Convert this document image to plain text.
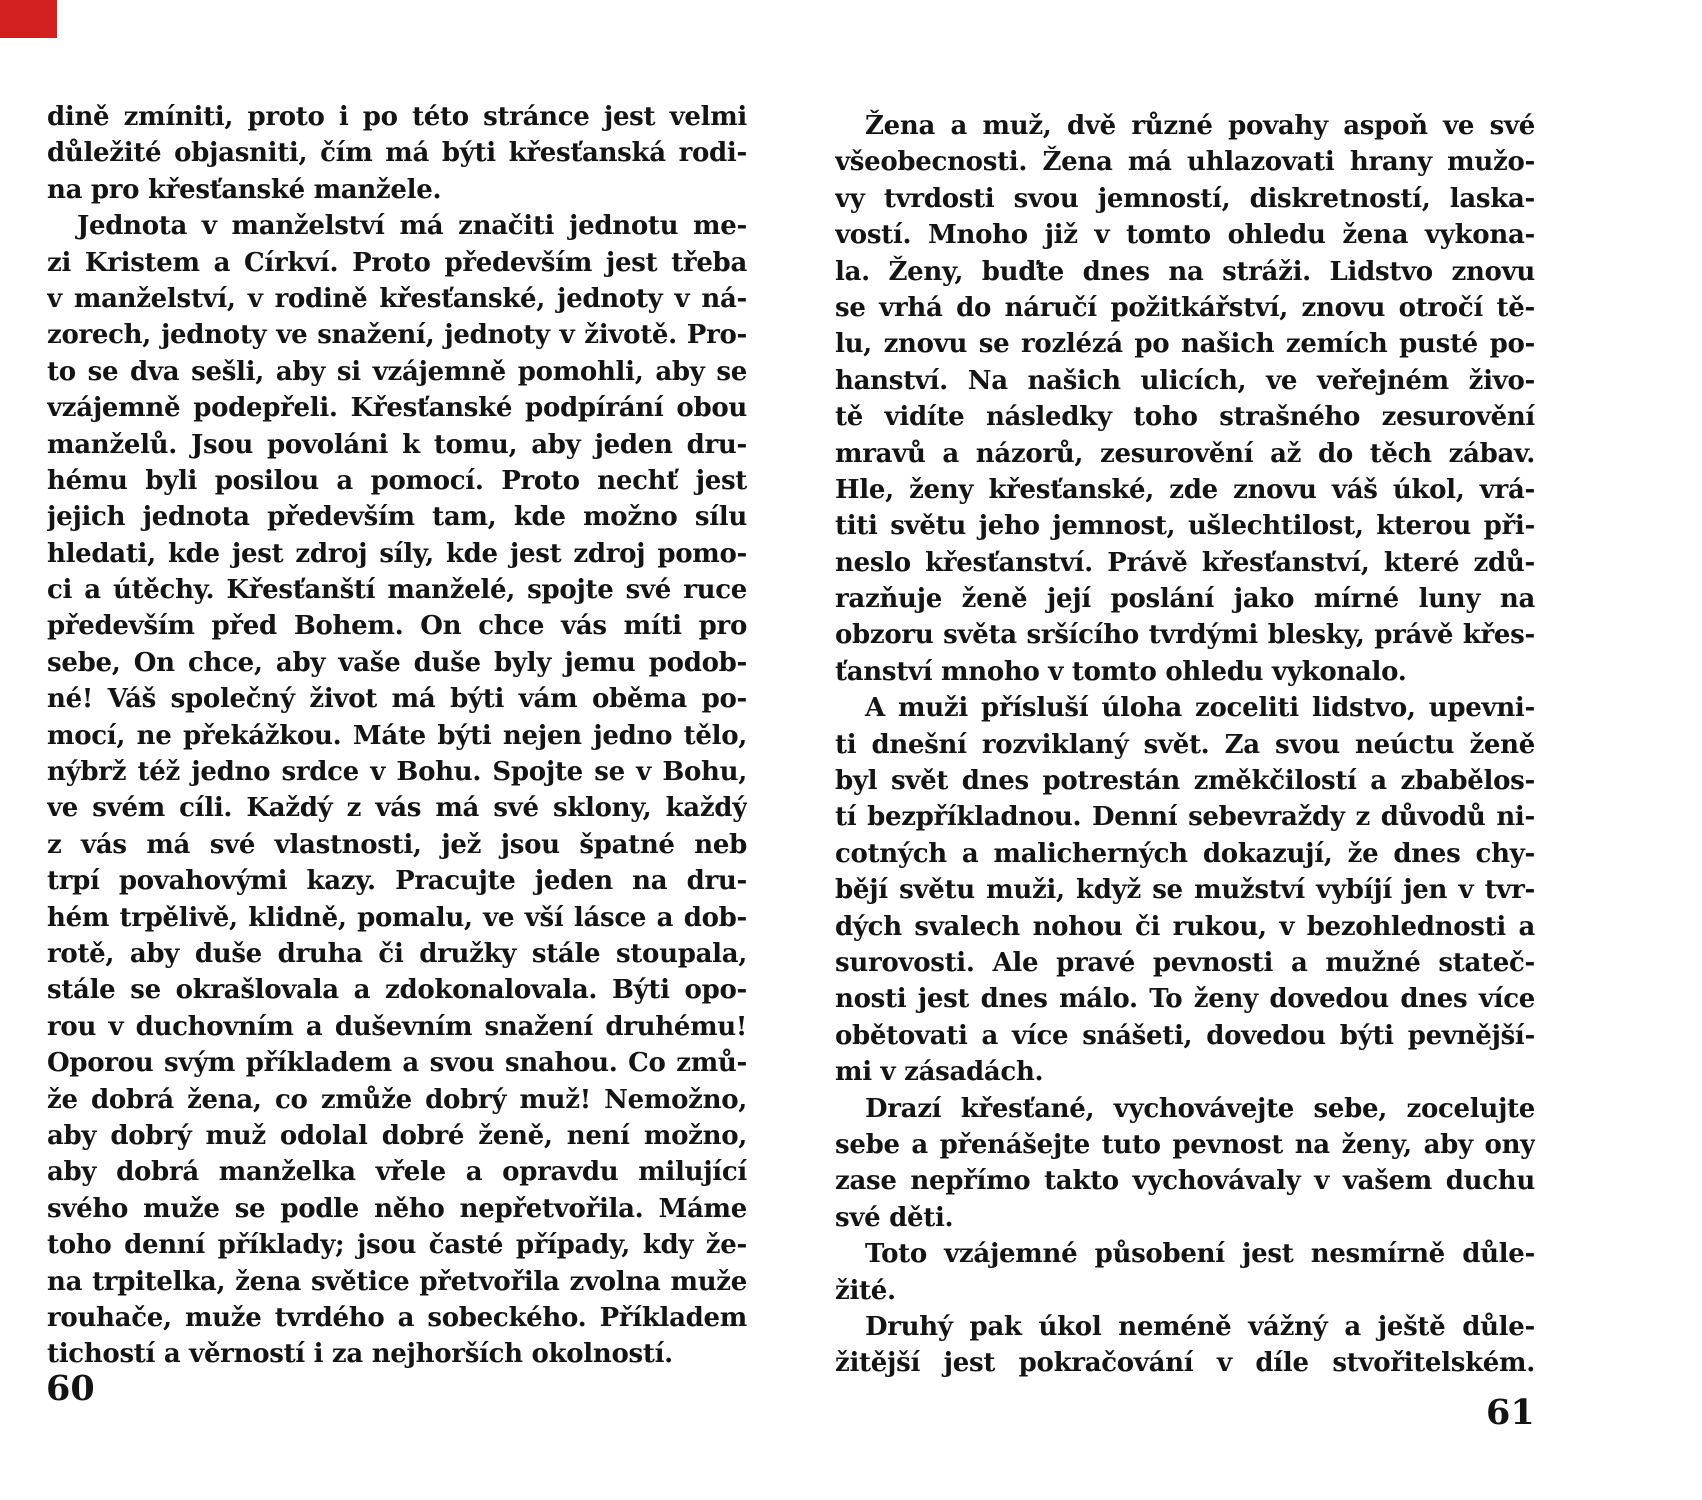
dině zmíniti, proto i po této stránce jest velmi
důležité objasniti, čím má býti křesťanská rodi-
na pro křesťanské manžele.
Jednota v manželství má značiti jednotu me-
zi Kristem a Církví. Proto především jest třeba
v manželství, v rodině křesťanské, jednoty v ná-
zorech, jednoty ve snažení, jednoty v životě. Pro-
to se dva sešli, aby si vzájemně pomohli, aby se
vzájemně podepřeli. Křesťanské podpírání obou
manželů. Jsou povoláni k tomu, aby jeden dru-
hému byli posilou a pomocí. Proto nechť jest
jejich jednota především tam, kde možno sílu
hledati, kde jest zdroj síly, kde jest zdroj pomo-
ci a útěchy. Křesťanští manželé, spojte své ruce
především před Bohem. On chce vás míti pro
sebe, On chce, aby vaše duše byly jemu podob-
né! Váš společný život má býti vám oběma po-
mocí, ne překážkou. Máte býti nejen jedno tělo,
nýbrž též jedno srdce v Bohu. Spojte se v Bohu,
ve svém cíli. Každý z vás má své sklony, každý
z vás má své vlastnosti, jež jsou špatné neb
trpí povahovými kazy. Pracujte jeden na dru-
hém trpělivě, klidně, pomalu, ve vší lásce a dob-
rotě, aby duše druha či družky stále stoupala,
stále se okrašlovala a zdokonalovala. Býti opo-
rou v duchovním a duševním snažení druhému!
Oporou svým příkladem a svou snahou. Co zmů-
že dobrá žena, co zmůže dobrý muž! Nemožno,
aby dobrý muž odolal dobré ženě, není možno,
aby dobrá manželka vřele a opravdu milující
svého muže se podle něho nepřetvořila. Máme
toho denní příklady; jsou časté případy, kdy že-
na trpitelka, žena světice přetvořila zvolna muže
rouhače, muže tvrdého a sobeckého. Příkladem
tichostí a věrností i za nejhorších okolností.
Žena a muž, dvě různé povahy aspoň ve své
všeobecnosti. Žena má uhlazovati hrany mužo-
vy tvrdosti svou jemností, diskretností, laska-
vostí. Mnoho již v tomto ohledu žena vykona-
la. Ženy, buďte dnes na stráži. Lidstvo znovu
se vrhá do náručí požitkářství, znovu otročí tě-
lu, znovu se rozlézá po našich zemích pusté po-
hanství. Na našich ulicích, ve veřejném živo-
tě vidíte následky toho strašného zesurovění
mravů a názorů, zesurovění až do těch zábav.
Hle, ženy křesťanské, zde znovu váš úkol, vrá-
titi světu jeho jemnost, ušlechtilost, kterou při-
neslo křesťanství. Právě křesťanství, které zdů-
razňuje ženě její poslání jako mírné luny na
obzoru světa sršícího tvrdými blesky, právě křes-
ťanství mnoho v tomto ohledu vykonalo.
A muži přísluší úloha zoceliti lidstvo, upevni-
ti dnešní rozviklaný svět. Za svou neúctu ženě
byl svět dnes potrestán změkčilostí a zbabělos-
tí bezpříkladnou. Denní sebevraždy z důvodů ni-
cotných a malicherných dokazují, že dnes chy-
bějí světu muži, když se mužství vybíjí jen v tvr-
dých svalech nohou či rukou, v bezohlednosti a
surovosti. Ale pravé pevnosti a mužné stateč-
nosti jest dnes málo. To ženy dovedou dnes více
obětovati a více snášeti, dovedou býti pevnější-
mi v zásadách.
Drazí křesťané, vychovávejte sebe, zocelujte
sebe a přenášejte tuto pevnost na ženy, aby ony
zase nepřímo takto vychovávaly v vašem duchu
své děti.
Toto vzájemné působení jest nesmírně důle-
žité.
Druhý pak úkol neméně vážný a ještě důle-
žitější jest pokračování v díle stvořitelském.
60
61
